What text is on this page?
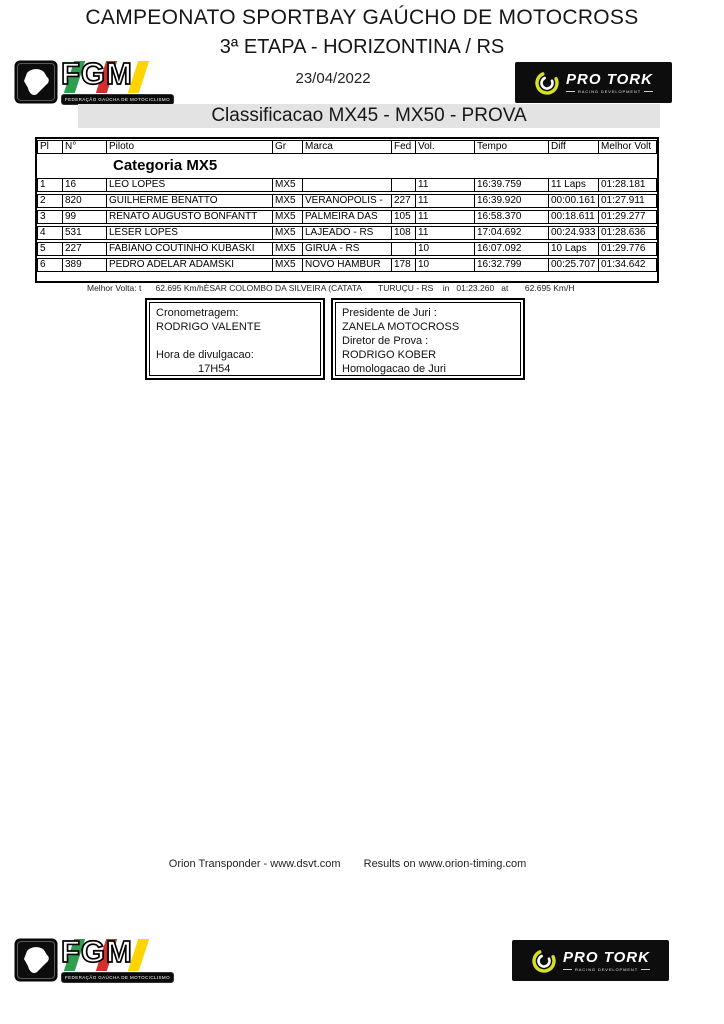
CAMPEONATO SPORTBAY GAÚCHO DE MOTOCROSS
3ª ETAPA - HORIZONTINA / RS
23/04/2022
FGM
FEDERAÇÃO GAÚCHA DE MOTOCICLISMO
PRO TORK
RACING DEVELOPMENT
Classificacao MX45 - MX50 - PROVA
Pl	N°	Piloto	Gr	Marca	Fed	Vol.	Tempo	Diff	Melhor Volt
Categoria MX5									
1	16	LEO LOPES	MX5			11	16:39.759	11 Laps	01:28.181
2	820	GUILHERME BENATTO	MX5	VERANÓPOLIS -	227	11	16:39.920	00:00.161	01:27.911
3	99	RENATO AUGUSTO BONFANTT	MX5	PALMEIRA DAS	105	11	16:58.370	00:18.611	01:29.277
4	531	LESER LOPES	MX5	LAJEADO - RS	108	11	17:04.692	00:24.933	01:28.636
5	227	FABIANO COUTINHO KUBASKI	MX5	GIRUÁ - RS		10	16:07.092	10 Laps	01:29.776
6	389	PEDRO ADELAR ADAMSKI	MX5	NOVO HAMBUR	178	10	16:32.799	00:25.707	01:34.642
Melhor Volta: t      62.695 Km/hÈSAR COLOMBO DA SILVEIRA (CATATA       TURUÇU - RS    in   01:23.260   at       62.695 Km/H
Cronometragem:
RODRIGO VALENTE
Hora de divulgacao:
17H54
Presidente de Juri :
ZANELA MOTOCROSS
Diretor de Prova :
RODRIGO KOBER
Homologacao de Juri
Orion Transponder - www.dsvt.com Results on www.orion-timing.com
FGM
FEDERAÇÃO GAÚCHA DE MOTOCICLISMO
PRO TORK
RACING DEVELOPMENT
